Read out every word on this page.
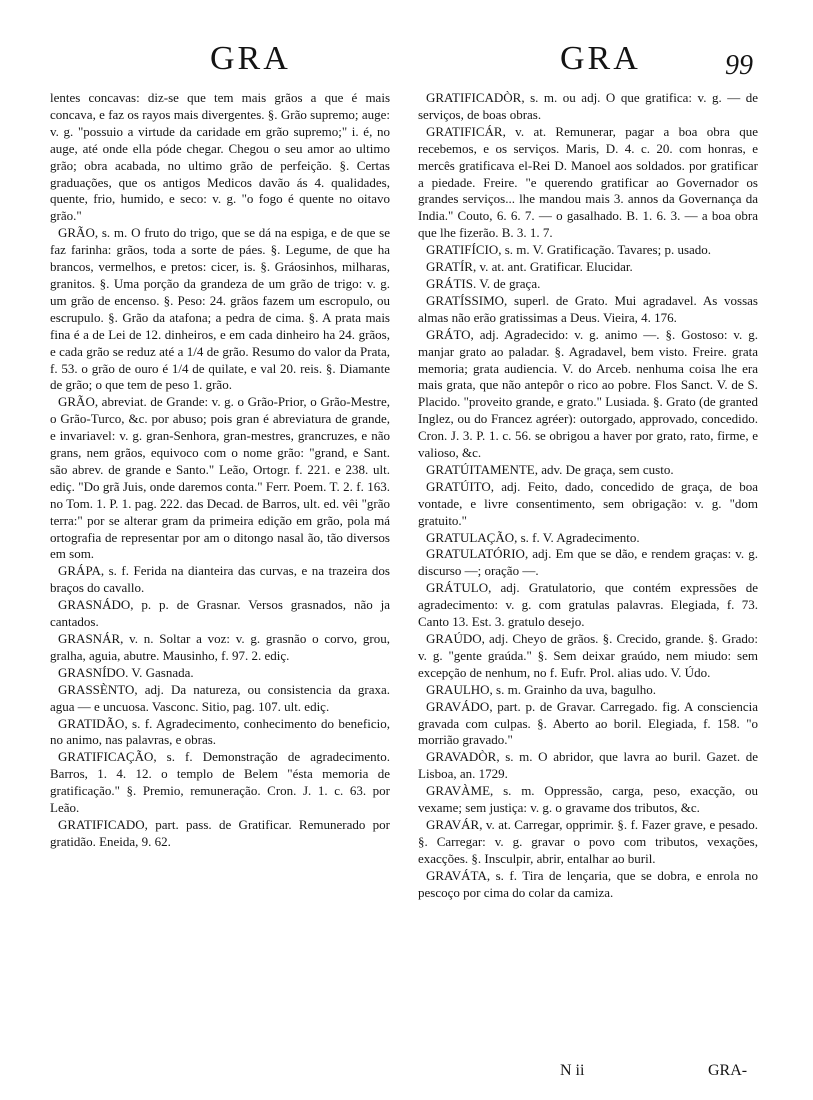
GRA	GRA	99

lentes concavas: diz-se que tem mais grãos a que é mais concava, e faz os rayos mais divergentes. §. Grão supremo; auge: v. g. "possuio a virtude da caridade em grão supremo;" i. é, no auge, até onde ella póde chegar. Chegou o seu amor ao ultimo grão; obra acabada, no ultimo grão de perfeição. §. Certas graduações, que os antigos Medicos davão ás 4. qualidades, quente, frio, humido, e seco: v. g. "o fogo é quente no oitavo grão."

GRÃO, s. m. O fruto do trigo, que se dá na espiga, e de que se faz farinha: grãos, toda a sorte de páes. §. Legume, de que ha brancos, vermelhos, e pretos: cicer, is. §. Gráosinhos, milharas, granitos. §. Uma porção da grandeza de um grão de trigo: v. g. um grão de encenso. §. Peso: 24. grãos fazem um escropulo, ou escrupulo. §. Grão da atafona; a pedra de cima. §. A prata mais fina é a de Lei de 12. dinheiros, e em cada dinheiro ha 24. grãos, e cada grão se reduz até a 1/4 de grão. Resumo do valor da Prata, f. 53. o grão de ouro é 1/4 de quilate, e val 20. reis. §. Diamante de grão; o que tem de peso 1. grão.

GRÃO, abreviat. de Grande: v. g. o Grão-Prior, o Grão-Mestre, o Grão-Turco, &c. por abuso; pois gran é abreviatura de grande, e invariavel: v. g. gran-Senhora, gran-mestres, grancruzes, e não grans, nem grãos, equivoco com o nome grão: "grand, e Sant. são abrev. de grande e Santo." Leão, Ortogr. f. 221. e 238. ult. ediç. "Do grã Juis, onde daremos conta." Ferr. Poem. T. 2. f. 163. no Tom. 1. P. 1. pag. 222. das Decad. de Barros, ult. ed. vêi "grão terra:" por se alterar gram da primeira edição em grão, pola má ortografia de representar por am o ditongo nasal ão, tão diversos em som.

GRÁPA, s. f. Ferida na dianteira das curvas, e na trazeira dos braços do cavallo.

GRASNÁDO, p. p. de Grasnar. Versos grasnados, não ja cantados.

GRASNÁR, v. n. Soltar a voz: v. g. grasnão o corvo, grou, gralha, aguia, abutre. Mausinho, f. 97. 2. ediç.

GRASNÍDO. V. Gasnada.

GRASSÈNTO, adj. Da natureza, ou consistencia da graxa. agua — e uncuosa. Vasconc. Sitio, pag. 107. ult. ediç.

GRATIDÃO, s. f. Agradecimento, conhecimento do beneficio, no animo, nas palavras, e obras.

GRATIFICAÇÃO, s. f. Demonstração de agradecimento. Barros, 1. 4. 12. o templo de Belem "ésta memoria de gratificação." §. Premio, remuneração. Cron. J. 1. c. 63. por Leão.

GRATIFICADO, part. pass. de Gratificar. Remunerado por gratidão. Eneida, 9. 62.

GRATIFICADÒR, s. m. ou adj. O que gratifica: v. g. — de serviços, de boas obras.

GRATIFICÁR, v. at. Remunerar, pagar a boa obra que recebemos, e os serviços. Maris, D. 4. c. 20. com honras, e mercês gratificava el-Rei D. Manoel aos soldados. por gratificar a piedade. Freire. "e querendo gratificar ao Governador os grandes serviços... lhe mandou mais 3. annos da Governança da India." Couto, 6. 6. 7. — o gasalhado. B. 1. 6. 3. — a boa obra que lhe fizerão. B. 3. 1. 7.

GRATIFÍCIO, s. m. V. Gratificação. Tavares; p. usado.

GRATÍR, v. at. ant. Gratificar. Elucidar.

GRÁTIS. V. de graça.

GRATÍSSIMO, superl. de Grato. Mui agradavel. As vossas almas não erão gratissimas a Deus. Vieira, 4. 176.

GRÁTO, adj. Agradecido: v. g. animo —. §. Gostoso: v. g. manjar grato ao paladar. §. Agradavel, bem visto. Freire. grata memoria; grata audiencia. V. do Arceb. nenhuma coisa lhe era mais grata, que não antepôr o rico ao pobre. Flos Sanct. V. de S. Placido. "proveito grande, e grato." Lusiada. §. Grato (de granted Inglez, ou do Francez agréer): outorgado, approvado, concedido. Cron. J. 3. P. 1. c. 56. se obrigou a haver por grato, rato, firme, e valioso, &c.

GRATÚITAMENTE, adv. De graça, sem custo.

GRATÚITO, adj. Feito, dado, concedido de graça, de boa vontade, e livre consentimento, sem obrigação: v. g. "dom gratuito."

GRATULAÇÃO, s. f. V. Agradecimento.

GRATULATÓRIO, adj. Em que se dão, e rendem graças: v. g. discurso —; oração —.

GRÁTULO, adj. Gratulatorio, que contém expressões de agradecimento: v. g. com gratulas palavras. Elegiada, f. 73. Canto 13. Est. 3. gratulo desejo.

GRAÚDO, adj. Cheyo de grãos. §. Crecido, grande. §. Grado: v. g. "gente graúda." §. Sem deixar graúdo, nem miudo: sem excepção de nenhum, no f. Eufr. Prol. alias udo. V. Údo.

GRAULHO, s. m. Grainho da uva, bagulho.

GRAVÁDO, part. p. de Gravar. Carregado. fig. A consciencia gravada com culpas. §. Aberto ao boril. Elegiada, f. 158. "o morrião gravado."

GRAVADÒR, s. m. O abridor, que lavra ao buril. Gazet. de Lisboa, an. 1729.

GRAVÀME, s. m. Oppressão, carga, peso, exacção, ou vexame; sem justiça: v. g. o gravame dos tributos, &c.

GRAVÁR, v. at. Carregar, opprimir. §. f. Fazer grave, e pesado. §. Carregar: v. g. gravar o povo com tributos, vexações, exacções. §. Insculpir, abrir, entalhar ao buril.

GRAVÁTA, s. f. Tira de lençaria, que se dobra, e enrola no pescoço por cima do colar da camiza.

N ii	GRA-
